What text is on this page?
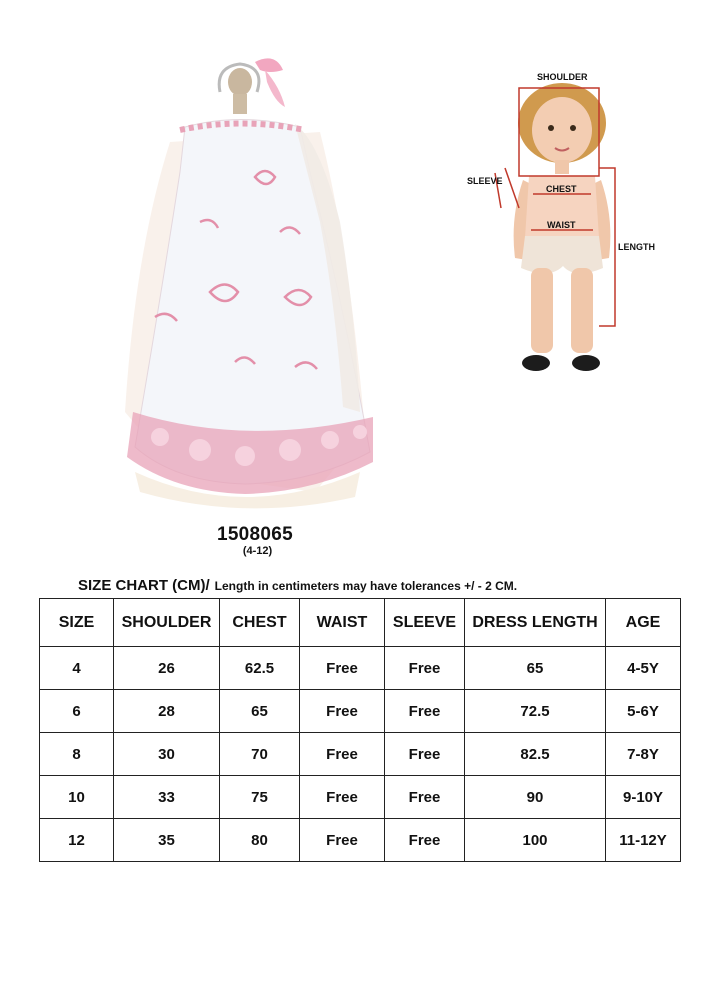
1508065
(4-12)
SHOULDER
SLEEVE
CHEST
WAIST
LENGTH
SIZE CHART (CM)/ Length in centimeters may have tolerances +/ - 2 CM.
SIZE	SHOULDER	CHEST	WAIST	SLEEVE	DRESS LENGTH	AGE
4	26	62.5	Free	Free	65	4-5Y
6	28	65	Free	Free	72.5	5-6Y
8	30	70	Free	Free	82.5	7-8Y
10	33	75	Free	Free	90	9-10Y
12	35	80	Free	Free	100	11-12Y
